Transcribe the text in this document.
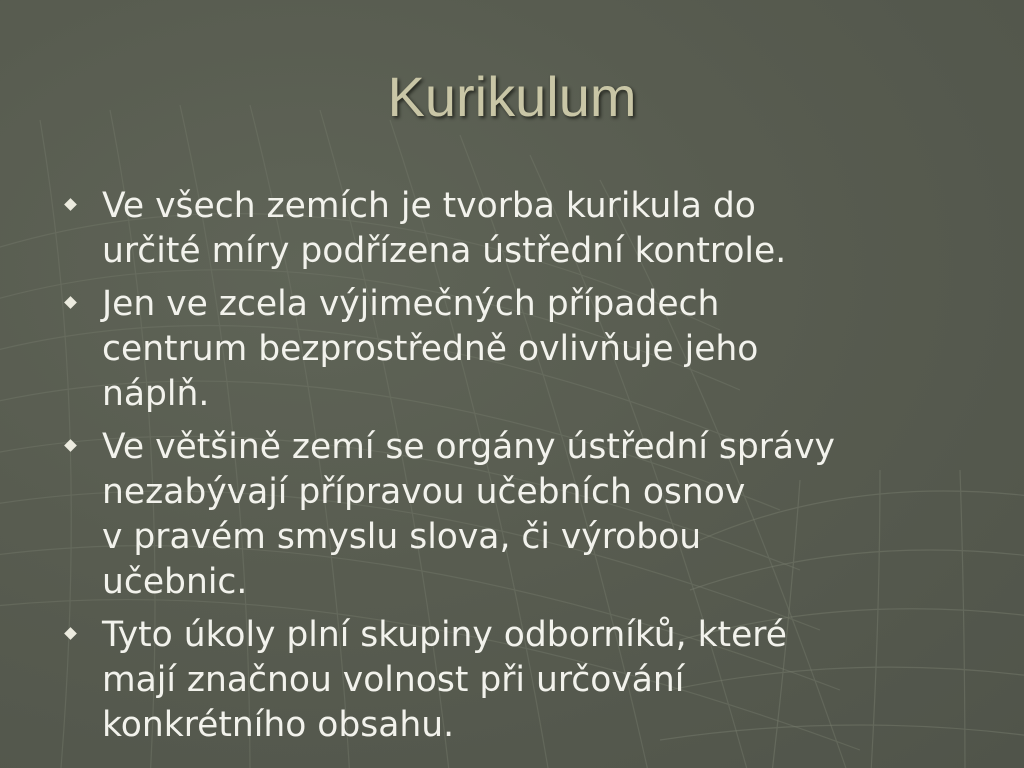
Kurikulum
Ve všech zemích je tvorba kurikula do
určité míry podřízena ústřední kontrole.
Jen ve zcela výjimečných případech
centrum bezprostředně ovlivňuje jeho
náplň.
Ve většině zemí se orgány ústřední správy
nezabývají přípravou učebních osnov
v pravém smyslu slova, či výrobou
učebnic.
Tyto úkoly plní skupiny odborníků, které
mají značnou volnost při určování
konkrétního obsahu.
